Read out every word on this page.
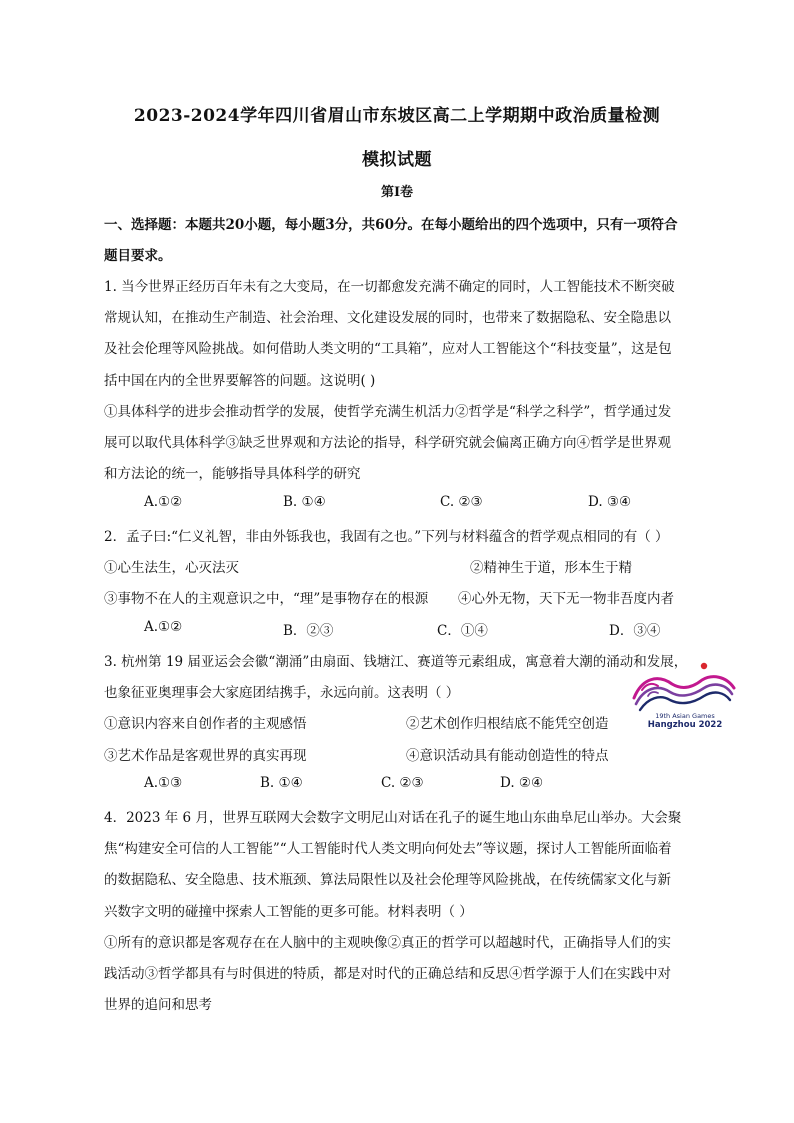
2023-2024学年四川省眉山市东坡区高二上学期期中政治质量检测
模拟试题
第Ⅰ卷
一、选择题：本题共20小题，每小题3分，共60分。在每小题给出的四个选项中，只有一项符合
题目要求。
1. 当今世界正经历百年未有之大变局，在一切都愈发充满不确定的同时，人工智能技术不断突破
常规认知，在推动生产制造、社会治理、文化建设发展的同时，也带来了数据隐私、安全隐患以
及社会伦理等风险挑战。如何借助人类文明的“工具箱”，应对人工智能这个“科技变量”，这是包
括中国在内的全世界要解答的问题。这说明( )
①具体科学的进步会推动哲学的发展，使哲学充满生机活力②哲学是“科学之科学”，哲学通过发
展可以取代具体科学③缺乏世界观和方法论的指导，科学研究就会偏离正确方向④哲学是世界观
和方法论的统一，能够指导具体科学的研究
A.①②	B. ①④	C. ②③	D. ③④
2．孟子曰:“仁义礼智，非由外铄我也，我固有之也。”下列与材料蕴含的哲学观点相同的有（ ）
①心生法生，心灭法灭	②精神生于道，形本生于精
③事物不在人的主观意识之中，“理”是事物存在的根源 ④心外无物，天下无一物非吾度内者
A.①②	B．②③	C．①④	D．③④
3. 杭州第 19 届亚运会会徽“潮涌”由扇面、钱塘江、赛道等元素组成，寓意着大潮的涌动和发展，
也象征亚奥理事会大家庭团结携手，永远向前。这表明（ ）
①意识内容来自创作者的主观感悟	②艺术创作归根结底不能凭空创造
③艺术作品是客观世界的真实再现	④意识活动具有能动创造性的特点
A.①③	B. ①④	C. ②③	D. ②④
19th Asian Games
Hangzhou 2022
4．2023 年 6 月，世界互联网大会数字文明尼山对话在孔子的诞生地山东曲阜尼山举办。大会聚
焦“构建安全可信的人工智能”“人工智能时代人类文明向何处去”等议题，探讨人工智能所面临着
的数据隐私、安全隐患、技术瓶颈、算法局限性以及社会伦理等风险挑战，在传统儒家文化与新
兴数字文明的碰撞中探索人工智能的更多可能。材料表明（ ）
①所有的意识都是客观存在在人脑中的主观映像②真正的哲学可以超越时代，正确指导人们的实
践活动③哲学都具有与时俱进的特质，都是对时代的正确总结和反思④哲学源于人们在实践中对
世界的追问和思考
